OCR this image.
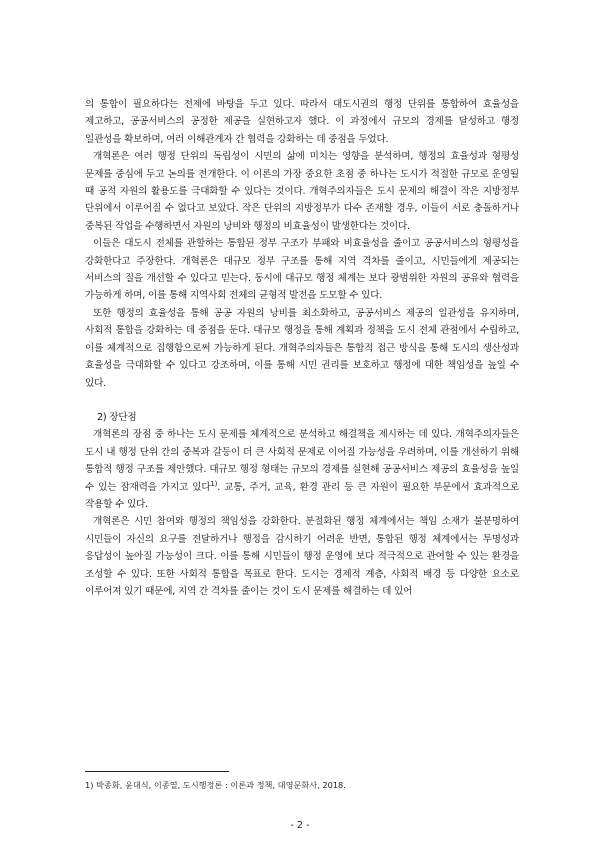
의 통합이 필요하다는 전제에 바탕을 두고 있다. 따라서 대도시권의 행정 단위를 통합하여 효율성을 제고하고, 공공서비스의 공정한 제공을 실현하고자 했다. 이 과정에서 규모의 경제를 달성하고 행정 일관성을 확보하며, 여러 이해관계자 간 협력을 강화하는 데 중점을 두었다.

개혁론은 여러 행정 단위의 독립성이 시민의 삶에 미치는 영향을 분석하며, 행정의 효율성과 형평성 문제를 중심에 두고 논의를 전개한다. 이 이론의 가장 중요한 초점 중 하나는 도시가 적절한 규모로 운영될 때 공적 자원의 활용도를 극대화할 수 있다는 것이다. 개혁주의자들은 도시 문제의 해결이 작은 지방정부 단위에서 이루어질 수 없다고 보았다. 작은 단위의 지방정부가 다수 존재할 경우, 이들이 서로 충돌하거나 중복된 작업을 수행하면서 자원의 낭비와 행정의 비효율성이 발생한다는 것이다.

이들은 대도시 전체를 관할하는 통합된 정부 구조가 부패와 비효율성을 줄이고 공공서비스의 형평성을 강화한다고 주장한다. 개혁론은 대규모 정부 구조를 통해 지역 격차를 줄이고, 시민들에게 제공되는 서비스의 질을 개선할 수 있다고 믿는다. 동시에 대규모 행정 체계는 보다 광범위한 자원의 공유와 협력을 가능하게 하며, 이를 통해 지역사회 전체의 균형적 발전을 도모할 수 있다.

또한 행정의 효율성을 통해 공공 자원의 낭비를 최소화하고, 공공서비스 제공의 일관성을 유지하며, 사회적 통합을 강화하는 데 중점을 둔다. 대규모 행정을 통해 계획과 정책을 도시 전체 관점에서 수립하고, 이를 체계적으로 집행함으로써 가능하게 된다. 개혁주의자들은 통합적 접근 방식을 통해 도시의 생산성과 효율성을 극대화할 수 있다고 강조하며, 이를 통해 시민 권리를 보호하고 행정에 대한 책임성을 높일 수 있다.

2) 장단점

개혁론의 장점 중 하나는 도시 문제를 체계적으로 분석하고 해결책을 제시하는 데 있다. 개혁주의자들은 도시 내 행정 단위 간의 중복과 갈등이 더 큰 사회적 문제로 이어질 가능성을 우려하며, 이를 개선하기 위해 통합적 행정 구조를 제안했다. 대규모 행정 형태는 규모의 경제를 실현해 공공서비스 제공의 효율성을 높일 수 있는 잠재력을 가지고 있다$^{1)}$. 교통, 주거, 교육, 환경 관리 등 큰 자원이 필요한 부문에서 효과적으로 작용할 수 있다.

개혁론은 시민 참여와 행정의 책임성을 강화한다. 분절화된 행정 체계에서는 책임 소재가 불분명하여 시민들이 자신의 요구를 전달하거나 행정을 감시하기 어려운 반면, 통합된 행정 체계에서는 투명성과 응답성이 높아질 가능성이 크다. 이를 통해 시민들이 행정 운영에 보다 적극적으로 관여할 수 있는 환경을 조성할 수 있다. 또한 사회적 통합을 목표로 한다. 도시는 경제적 계층, 사회적 배경 등 다양한 요소로 이루어져 있기 때문에, 지역 간 격차를 줄이는 것이 도시 문제를 해결하는 데 있어

1) 박종화, 윤대식, 이종열, 도시행정론 : 이론과 정책, 대영문화사, 2018.
- 2 -
